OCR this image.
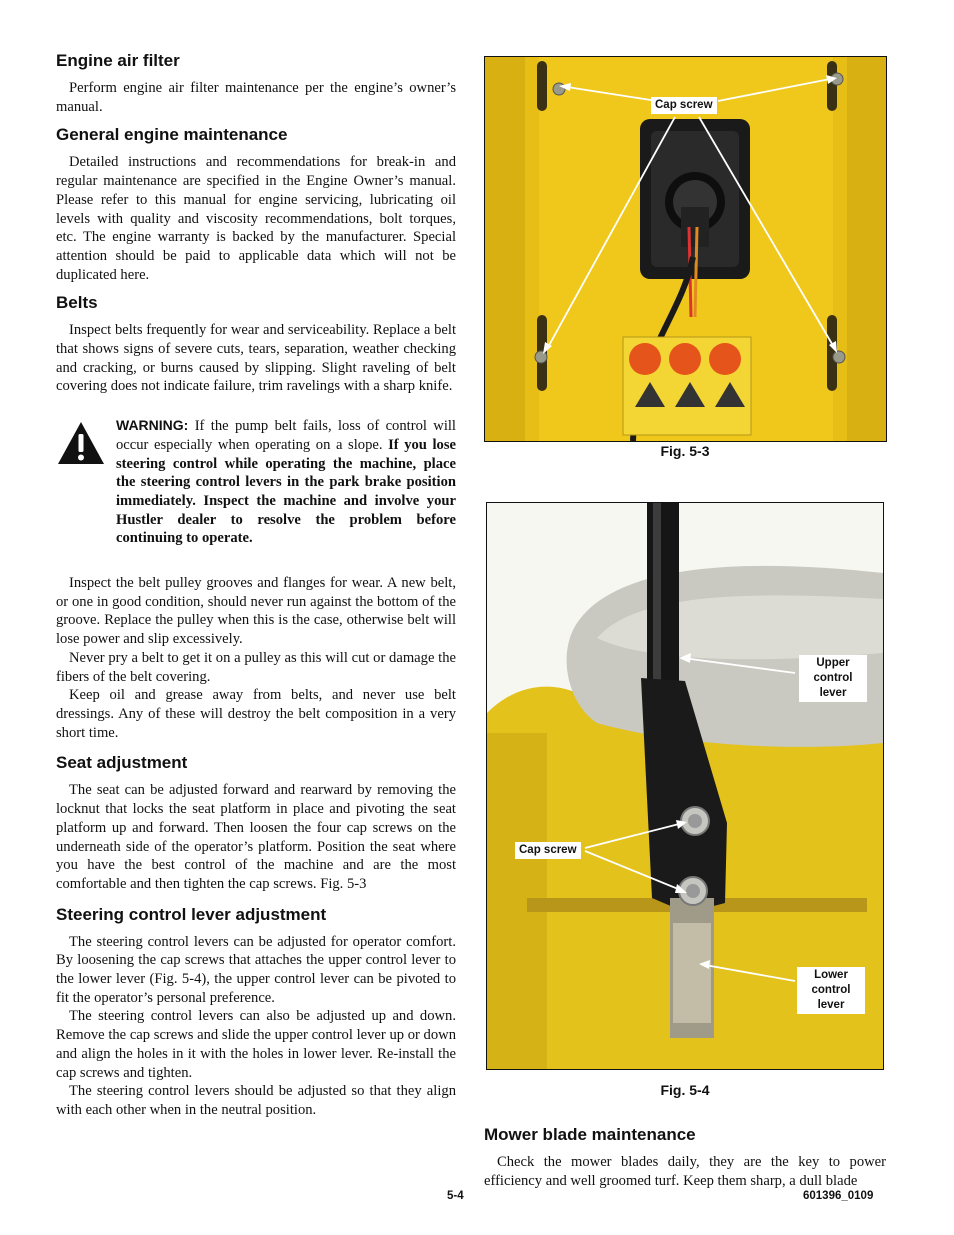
Engine air filter

Perform engine air filter maintenance per the engine’s owner’s manual.

General engine maintenance

Detailed instructions and recommendations for break-in and regular maintenance are specified in the Engine Owner’s manual. Please refer to this manual for engine servicing, lubricating oil levels with quality and viscosity recommendations, bolt torques, etc. The engine warranty is backed by the manufacturer. Special attention should be paid to applicable data which will not be duplicated here.

Belts

Inspect belts frequently for wear and serviceability. Replace a belt that shows signs of severe cuts, tears, separation, weather checking and cracking, or burns caused by slipping. Slight raveling of belt covering does not indicate failure, trim ravelings with a sharp knife.

WARNING: If the pump belt fails, loss of control will occur especially when operating on a slope. If you lose steering control while operating the machine, place the steering control levers in the park brake position immediately. Inspect the machine and involve your Hustler dealer to resolve the problem before continuing to operate.

Inspect the belt pulley grooves and flanges for wear. A new belt, or one in good condition, should never run against the bottom of the groove. Replace the pulley when this is the case, otherwise belt will lose power and slip excessively.

Never pry a belt to get it on a pulley as this will cut or damage the fibers of the belt covering.

Keep oil and grease away from belts, and never use belt dressings. Any of these will destroy the belt composition in a very short time.

Seat adjustment

The seat can be adjusted forward and rearward by removing the locknut that locks the seat platform in place and pivoting the seat platform up and forward. Then loosen the four cap screws on the underneath side of the operator’s platform. Position the seat where you have the best control of the machine and are the most comfortable and then tighten the cap screws. Fig. 5-3

Steering control lever adjustment

The steering control levers can be adjusted for operator comfort. By loosening the cap screws that attaches the upper control lever to the lower lever (Fig. 5-4), the upper control lever can be pivoted to fit the operator’s personal preference.

The steering control levers can also be adjusted up and down. Remove the cap screws and slide the upper control lever up or down and align the holes in it with the holes in lower lever. Re-install the cap screws and tighten.

The steering control levers should be adjusted so that they align with each other when in the neutral position.

Cap screw
Fig. 5-3
Upper control lever
Cap screw
Lower control lever
Fig. 5-4
Mower blade maintenance

Check the mower blades daily, they are the key to power efficiency and well groomed turf. Keep them sharp, a dull blade

5-4	601396_0109
